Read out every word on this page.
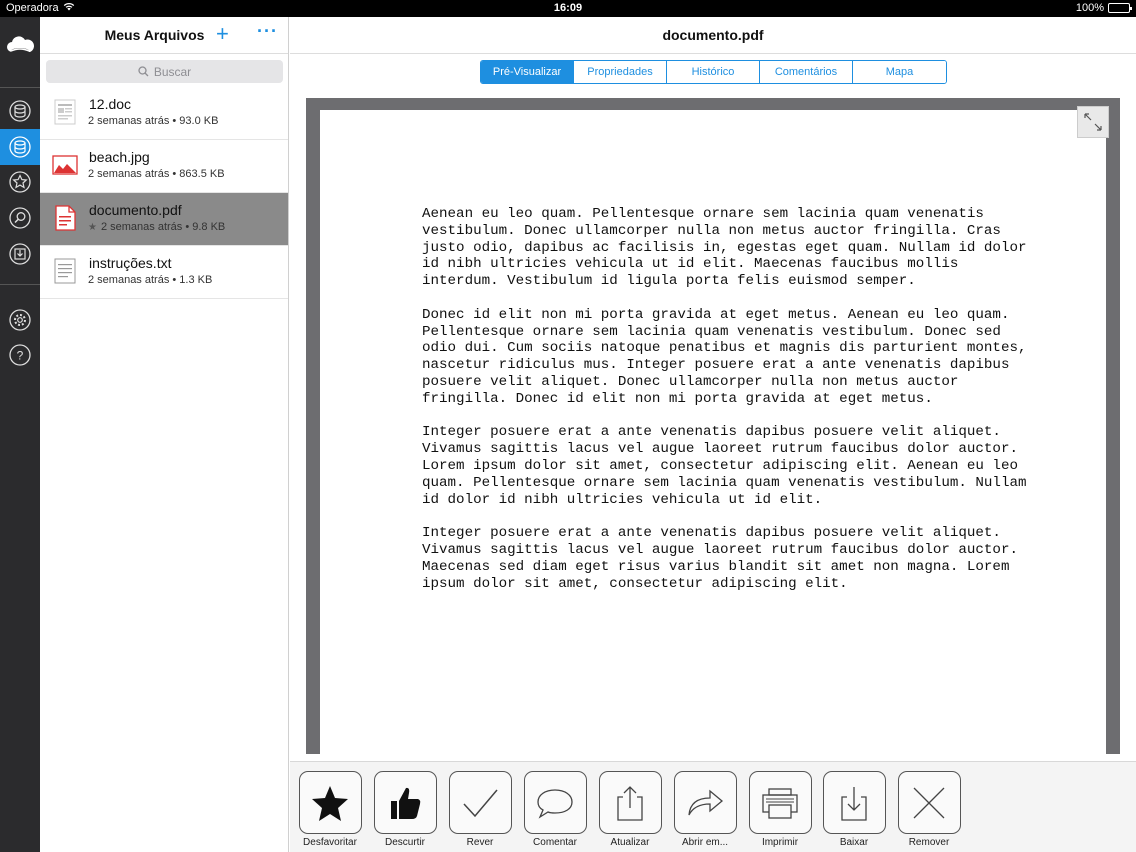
Operadora	16:09	100%
?
Meus Arquivos + ···
Buscar
12.doc
2 semanas atrás • 93.0 KB
beach.jpg
2 semanas atrás • 863.5 KB
documento.pdf
★ 2 semanas atrás • 9.8 KB
instruções.txt
2 semanas atrás • 1.3 KB
documento.pdf
Pré-Visualizar	Propriedades	Histórico	Comentários	Mapa

Aenean eu leo quam. Pellentesque ornare sem lacinia quam venenatis vestibulum. Donec ullamcorper nulla non metus auctor fringilla. Cras justo odio, dapibus ac facilisis in, egestas eget quam. Nullam id dolor id nibh ultricies vehicula ut id elit. Maecenas faucibus mollis interdum. Vestibulum id ligula porta felis euismod semper.

Donec id elit non mi porta gravida at eget metus. Aenean eu leo quam. Pellentesque ornare sem lacinia quam venenatis vestibulum. Donec sed odio dui. Cum sociis natoque penatibus et magnis dis parturient montes, nascetur ridiculus mus. Integer posuere erat a ante venenatis dapibus posuere velit aliquet. Donec ullamcorper nulla non metus auctor fringilla. Donec id elit non mi porta gravida at eget metus.

Integer posuere erat a ante venenatis dapibus posuere velit aliquet. Vivamus sagittis lacus vel augue laoreet rutrum faucibus dolor auctor. Lorem ipsum dolor sit amet, consectetur adipiscing elit. Aenean eu leo quam. Pellentesque ornare sem lacinia quam venenatis vestibulum. Nullam id dolor id nibh ultricies vehicula ut id elit.

Integer posuere erat a ante venenatis dapibus posuere velit aliquet. Vivamus sagittis lacus vel augue laoreet rutrum faucibus dolor auctor. Maecenas sed diam eget risus varius blandit sit amet non magna. Lorem ipsum dolor sit amet, consectetur adipiscing elit.

Desfavoritar	Descurtir	Rever	Comentar	Atualizar	Abrir em...	Imprimir	Baixar	Remover
